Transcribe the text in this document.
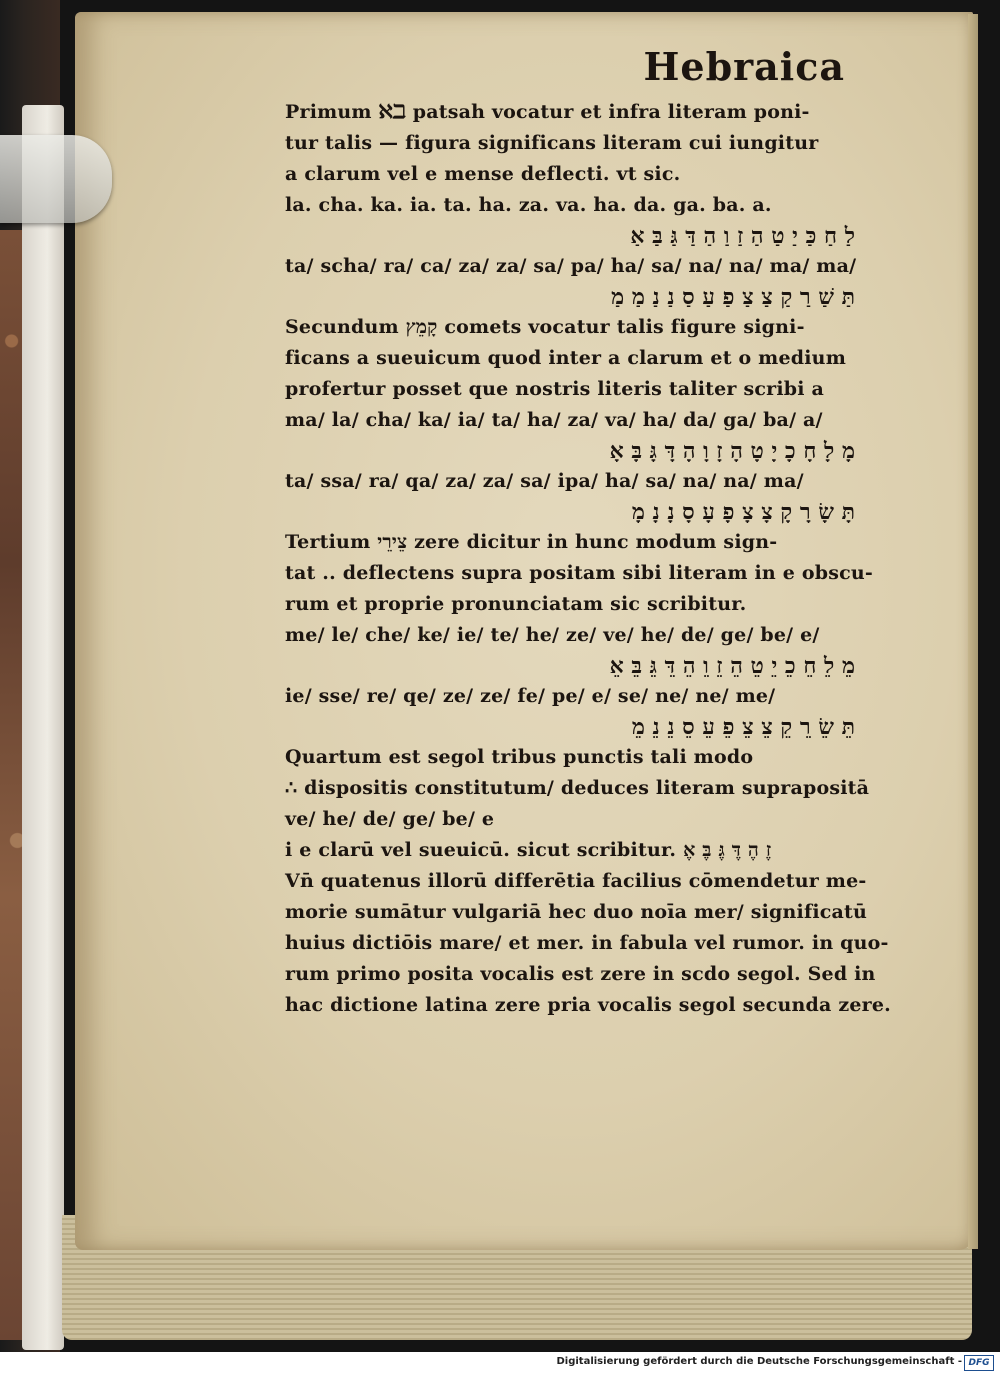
Hebraica
Primum ℵℶ patsah vocatur et infra literam poni-
tur talis — figura significans literam cui iungitur
a clarum vel e mense deflecti. vt sic.
la. cha. ka. ia. ta. ha. za. va. ha. da. ga. ba. a.
לַ חַ כַּ יַ טַ הַ זַ וַ הַ דַּ גַּ בַּ אַ
ta/ scha/ ra/ ca/ za/ za/ sa/ pa/ ha/ sa/ na/ na/ ma/ ma/
תַּ שַׁ רַ קַ צַ צַ פַ עַ סַ נַ נַ מַ מַ
Secundum קָמֵץ comets vocatur talis figure signi-
ficans a sueuicum quod inter a clarum et o medium
profertur posset que nostris literis taliter scribi a
ma/ la/ cha/ ka/ ia/ ta/ ha/ za/ va/ ha/ da/ ga/ ba/ a/
מָ לָ חָ כָ יָ טָ הָ זָ וָ הָ דָּ גָּ בָּ אָ
ta/ ssa/ ra/ qa/ za/ za/ sa/ ipa/ ha/ sa/ na/ na/ ma/
תָּ שָׂ רָ קָ צָ צָ פָ עָ סָ נָ נָ מָ
Tertium צֵירֵי zere dicitur in hunc modum sign-
tat .. deflectens supra positam sibi literam in e obscu-
rum et proprie pronunciatam sic scribitur.
me/ le/ che/ ke/ ie/ te/ he/ ze/ ve/ he/ de/ ge/ be/ e/
מֵ לֵ חֵ כֵ יֵ טֵ הֵ זֵ וֵ הֵ דֵּ גֵּ בֵּ אֵ
ie/ sse/ re/ qe/ ze/ ze/ fe/ pe/ e/ se/ ne/ ne/ me/
תֵּ שֵׂ רֵ קֵ צֵ צֵ פֵ עֵ סֵ נֵ נֵ מֵ
Quartum est segol tribus punctis tali modo
∴ dispositis constitutum/ deduces literam suprapositā
ve/ he/ de/ ge/ be/ e
i e clarū vel sueuicū. sicut scribitur. זֶ הֶ דֶּ גֶּ בֶּ אֶ
Vn̄ quatenus illorū differētia facilius cōmendetur me-
morie sumātur vulgariā hec duo noīa mer/ significatū
huius dictiōis mare/ et mer. in fabula vel rumor. in quo-
rum primo posita vocalis est zere in scdo segol. Sed in
hac dictione latina zere pria vocalis segol secunda zere.
Digitalisierung gefördert durch die Deutsche Forschungsgemeinschaft - DFG
